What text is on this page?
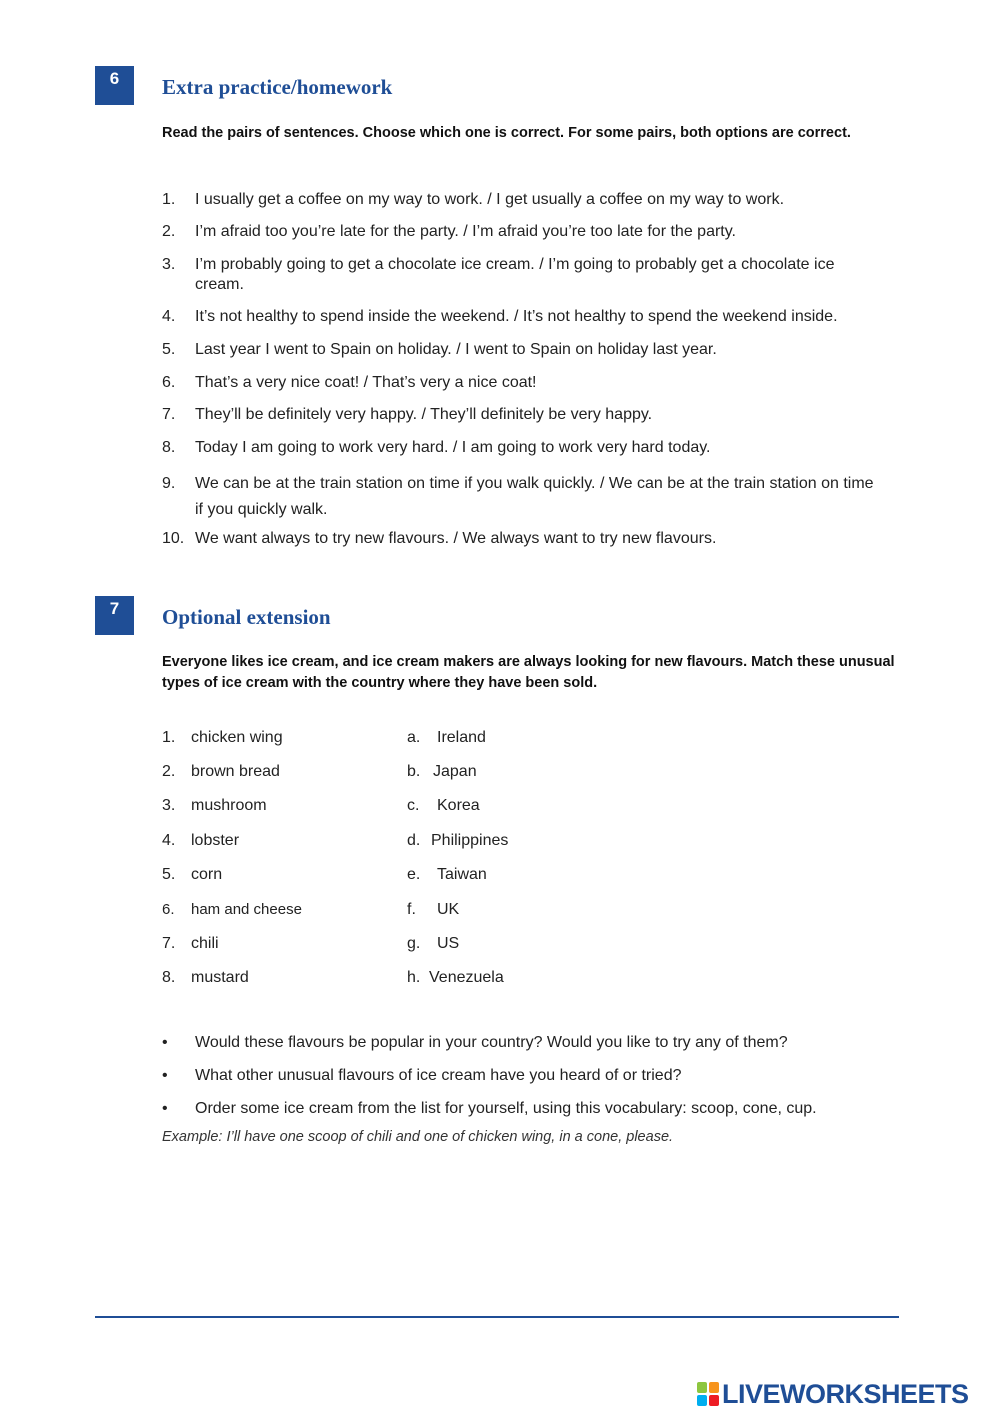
6	Extra practice/homework
Read the pairs of sentences. Choose which one is correct. For some pairs, both options are correct.
1. I usually get a coffee on my way to work. / I get usually a coffee on my way to work.
2. I’m afraid too you’re late for the party. / I’m afraid you’re too late for the party.
3. I’m probably going to get a chocolate ice cream. / I’m going to probably get a chocolate ice cream.
4. It’s not healthy to spend inside the weekend. / It’s not healthy to spend the weekend inside.
5. Last year I went to Spain on holiday. / I went to Spain on holiday last year.
6. That’s a very nice coat! / That’s very a nice coat!
7. They’ll be definitely very happy. / They’ll definitely be very happy.
8. Today I am going to work very hard. / I am going to work very hard today.
9. We can be at the train station on time if you walk quickly. / We can be at the train station on time if you quickly walk.
10. We want always to try new flavours. / We always want to try new flavours.
7	Optional extension
Everyone likes ice cream, and ice cream makers are always looking for new flavours. Match these unusual types of ice cream with the country where they have been sold.
1. chicken wing
2. brown bread
3. mushroom
4. lobster
5. corn
6. ham and cheese
7. chili
8. mustard
a. Ireland
b. Japan
c. Korea
d. Philippines
e. Taiwan
f. UK
g. US
h. Venezuela
• Would these flavours be popular in your country? Would you like to try any of them?
• What other unusual flavours of ice cream have you heard of or tried?
• Order some ice cream from the list for yourself, using this vocabulary: scoop, cone, cup.
Example: I’ll have one scoop of chili and one of chicken wing, in a cone, please.
LIVEWORKSHEETS
